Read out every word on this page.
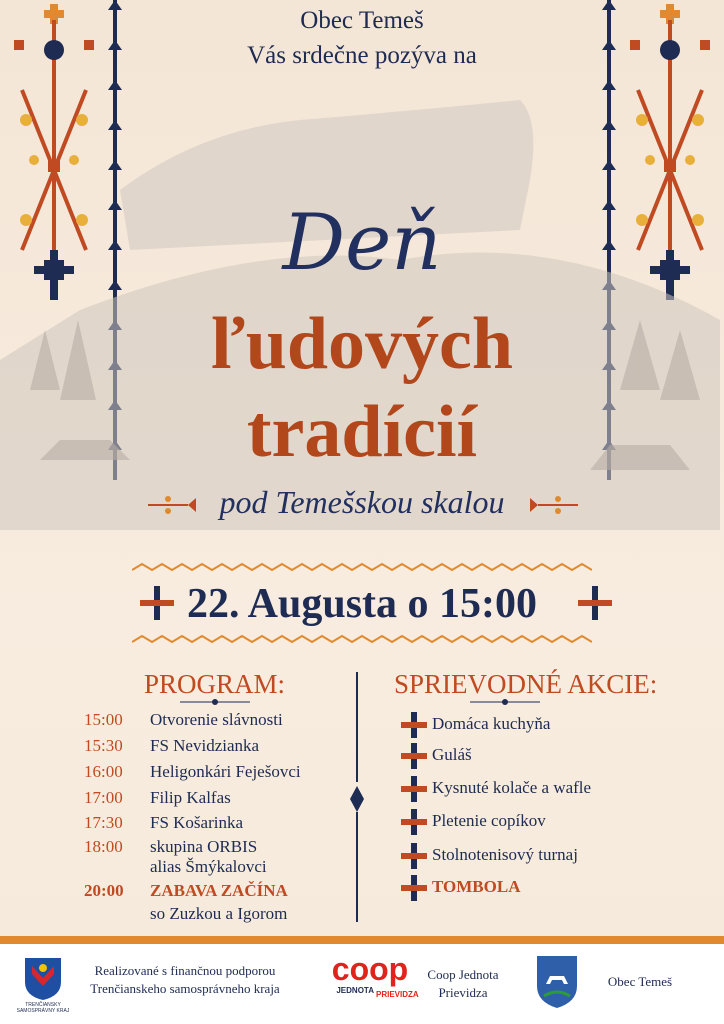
Obec Temeš
Vás srdečne pozýva na
Deň
ľudových
tradícií
pod Temešskou skalou
22. Augusta o 15:00
PROGRAM:
15:00 Otvorenie slávnosti
15:30 FS Nevidzianka
16:00 Heligonkári Feješovci
17:00 Filip Kalfas
17:30 FS Košarinka
18:00 skupina ORBIS
alias Šmýkalovci
20:00 ZABAVA ZAČÍNA
so Zuzkou a Igorom
SPRIEVODNÉ AKCIE:
Domáca kuchyňa
Guláš
Kysnuté kolače a wafle
Pletenie copíkov
Stolnotenisový turnaj
TOMBOLA
TRENČIANSKY SAMOSPRÁVNY KRAJ
Realizované s finančnou podporou
Trenčianskeho samosprávneho kraja
coop
JEDNOTA PRIEVIDZA
Coop Jednota
Prievidza
Obec Temeš
